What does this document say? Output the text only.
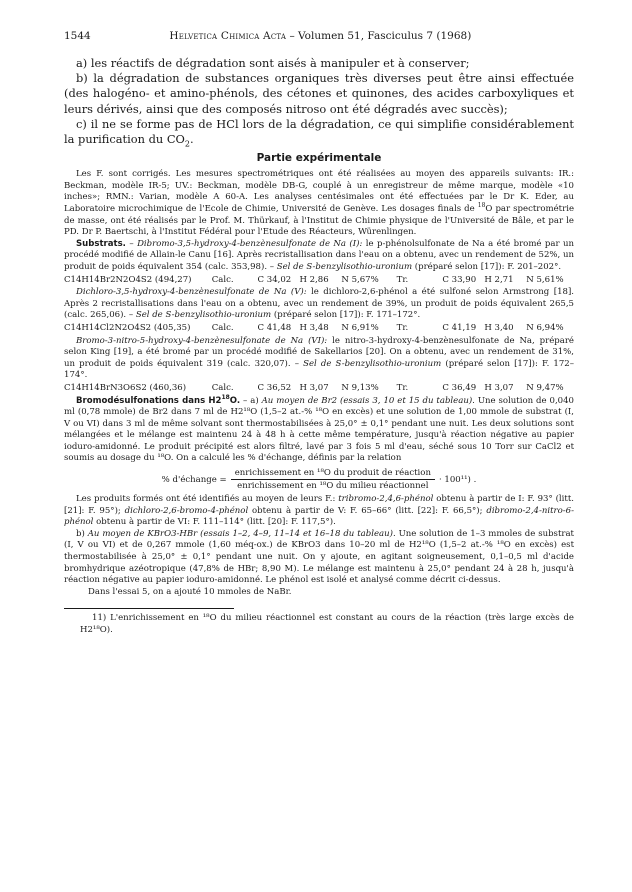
1544	Helvetica Chimica Acta – Volumen 51, Fasciculus 7 (1968)

a) les réactifs de dégradation sont aisés à manipuler et à conserver;

b) la dégradation de substances organiques très diverses peut être ainsi effectuée (des halogéno- et amino-phénols, des cétones et quinones, des acides carboxyliques et leurs dérivés, ainsi que des composés nitroso ont été dégradés avec succès);

c) il ne se forme pas de HCl lors de la dégradation, ce qui simplifie considérablement la purification du $CO_2$.

Partie expérimentale

Les F. sont corrigés. Les mesures spectrométriques ont été réalisées au moyen des appareils suivants: IR.: Beckman, modèle IR-5; UV.: Beckman, modèle DB-G, couplé à un enregistreur de même marque, modèle «10 inches»; RMN.: Varian, modèle A 60-A. Les analyses centésimales ont été effectuées par le Dr K. Eder, au Laboratoire microchimique de l'Ecole de Chimie, Université de Genève. Les dosages finals de $^{18}$O par spectrométrie de masse, ont été réalisés par le Prof. M. Thürkauf, à l'Institut de Chimie physique de l'Université de Bâle, et par le PD. Dr P. Baertschi, à l'Institut Fédéral pour l'Etude des Réacteurs, Würenlingen.

Substrats. – Dibromo-3,5-hydroxy-4-benzènesulfonate de Na (I): le p-phénolsulfonate de Na a été bromé par un procédé modifié de Allain-le Canu [16]. Après recristallisation dans l'eau on a obtenu, avec un rendement de 52%, un produit de poids équivalent 354 (calc. 353,98). – Sel de S-benzylisothio-uronium (préparé selon [17]): F. 201–202°.

C14H14Br2N2O4S2 (494,27)	Calc.	C 34,02 H 2,86	N 5,67%	Tr.	C 33,90 H 2,71	N 5,61%

Dichloro-3,5-hydroxy-4-benzènesulfonate de Na (V): le dichloro-2,6-phénol a été sulfoné selon Armstrong [18]. Après 2 recristallisations dans l'eau on a obtenu, avec un rendement de 39%, un produit de poids équivalent 265,5 (calc. 265,06). – Sel de S-benzylisothio-uronium (préparé selon [17]): F. 171–172°.

C14H14Cl2N2O4S2 (405,35)	Calc.	C 41,48 H 3,48	N 6,91%	Tr.	C 41,19 H 3,40	N 6,94%

Bromo-3-nitro-5-hydroxy-4-benzènesulfonate de Na (VI): le nitro-3-hydroxy-4-benzènesulfonate de Na, préparé selon King [19], a été bromé par un procédé modifié de Sakellarios [20]. On a obtenu, avec un rendement de 31%, un produit de poids équivalent 319 (calc. 320,07). – Sel de S-benzylisothio-uronium (préparé selon [17]): F. 172–174°.

C14H14BrN3O6S2 (460,36)	Calc.	C 36,52 H 3,07	N 9,13%	Tr.	C 36,49 H 3,07	N 9,47%

Bromodésulfonations dans $H2^{18}O$. – a) Au moyen de Br2 (essais 3, 10 et 15 du tableau). Une solution de 0,040 ml (0,78 mmole) de Br2 dans 7 ml de H2¹⁸O (1,5–2 at.-% ¹⁸O en excès) et une solution de 1,00 mmole de substrat (I, V ou VI) dans 3 ml de même solvant sont thermostabilisées à 25,0° ± 0,1° pendant une nuit. Les deux solutions sont mélangées et le mélange est maintenu 24 à 48 h à cette même température, jusqu'à réaction négative au papier ioduro-amidonné. Le produit précipité est alors filtré, lavé par 3 fois 5 ml d'eau, séché sous 10 Torr sur CaCl2 et soumis au dosage du ¹⁸O. On a calculé les % d'échange, définis par la relation

% d'échange = $\frac{\text{enrichissement en ¹⁸O du produit de réaction}}{\text{enrichissement en ¹⁸O du milieu réactionnel}} \cdot 100^{11}$) .

Les produits formés ont été identifiés au moyen de leurs F.: tribromo-2,4,6-phénol obtenu à partir de I: F. 93° (litt. [21]: F. 95°); dichloro-2,6-bromo-4-phénol obtenu à partir de V: F. 65–66° (litt. [22]: F. 66,5°); dibromo-2,4-nitro-6-phénol obtenu à partir de VI: F. 111–114° (litt. [20]: F. 117,5°).

b) Au moyen de KBrO3-HBr (essais 1–2, 4–9, 11–14 et 16–18 du tableau). Une solution de 1–3 mmoles de substrat (I, V ou VI) et de 0,267 mmole (1,60 méq-ox.) de KBrO3 dans 10–20 ml de H2¹⁸O (1,5–2 at.-% ¹⁸O en excès) est thermostabilisée à 25,0° ± 0,1° pendant une nuit. On y ajoute, en agitant soigneusement, 0,1–0,5 ml d'acide bromhydrique azéotropique (47,8% de HBr; 8,90 M). Le mélange est maintenu à 25,0° pendant 24 à 28 h, jusqu'à réaction négative au papier ioduro-amidonné. Le phénol est isolé et analysé comme décrit ci-dessus.

Dans l'essai 5, on a ajouté 10 mmoles de NaBr.

11) L'enrichissement en ¹⁸O du milieu réactionnel est constant au cours de la réaction (très large excès de H2¹⁸O).
